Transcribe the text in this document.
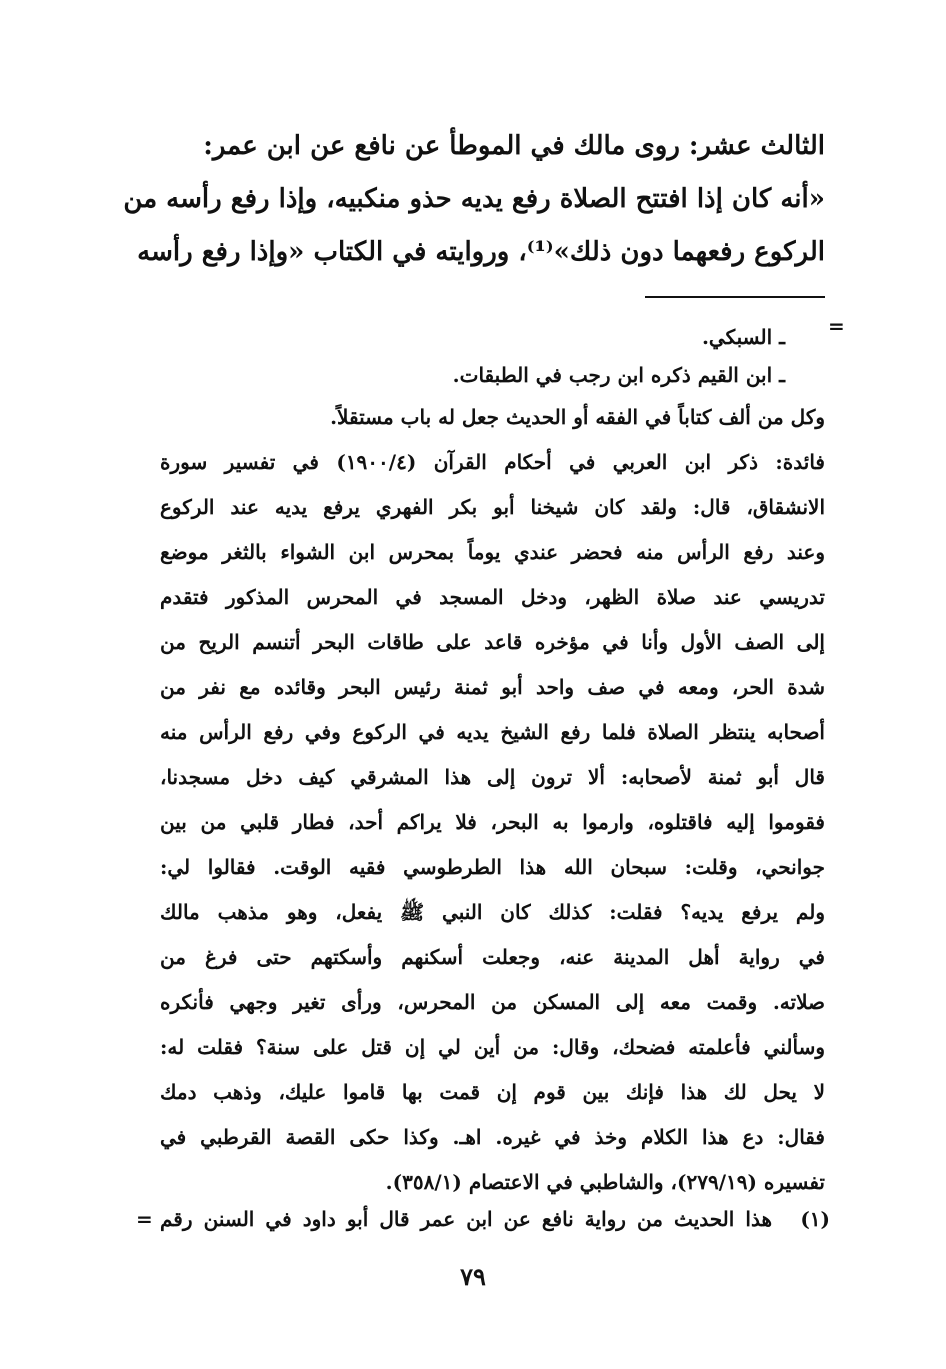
الثالث عشر: روى مالك في الموطأ عن نافع عن ابن عمر:
«أنه كان إذا افتتح الصلاة رفع يديه حذو منكبيه، وإذا رفع رأسه من
الركوع رفعهما دون ذلك»⁽¹⁾، وروايته في الكتاب «وإذا رفع رأسه
=
ـ السبكي.
ـ ابن القيم ذكره ابن رجب في الطبقات.
وكل من ألف كتاباً في الفقه أو الحديث جعل له باب مستقلاً.
فائدة: ذكر ابن العربي في أحكام القرآن (١٩٠٠/٤) في تفسير سورة
الانشقاق، قال: ولقد كان شيخنا أبو بكر الفهري يرفع يديه عند الركوع
وعند رفع الرأس منه فحضر عندي يوماً بمحرس ابن الشواء بالثغر موضع
تدريسي عند صلاة الظهر، ودخل المسجد في المحرس المذكور فتقدم
إلى الصف الأول وأنا في مؤخره قاعد على طاقات البحر أتنسم الريح من
شدة الحر، ومعه في صف واحد أبو ثمنة رئيس البحر وقائده مع نفر من
أصحابه ينتظر الصلاة فلما رفع الشيخ يديه في الركوع وفي رفع الرأس منه
قال أبو ثمنة لأصحابه: ألا ترون إلى هذا المشرقي كيف دخل مسجدنا،
فقوموا إليه فاقتلوه، وارموا به البحر، فلا يراكم أحد، فطار قلبي من بين
جوانحي، وقلت: سبحان الله هذا الطرطوسي فقيه الوقت. فقالوا لي:
ولم يرفع يديه؟ فقلت: كذلك كان النبي ﷺ يفعل، وهو مذهب مالك
في رواية أهل المدينة عنه، وجعلت أسكنهم وأسكتهم حتى فرغ من
صلاته. وقمت معه إلى المسكن من المحرس، ورأى تغير وجهي فأنكره
وسألني فأعلمته فضحك، وقال: من أين لي إن قتل على سنة؟ فقلت له:
لا يحل لك هذا فإنك بين قوم إن قمت بها قاموا عليك، وذهب دمك
فقال: دع هذا الكلام وخذ في غيره. اهـ. وكذا حكى القصة القرطبي في
تفسيره (٢٧٩/١٩)، والشاطبي في الاعتصام (٣٥٨/١).
(١)
هذا الحديث من رواية نافع عن ابن عمر قال أبو داود في السنن رقم
=
٧٩
